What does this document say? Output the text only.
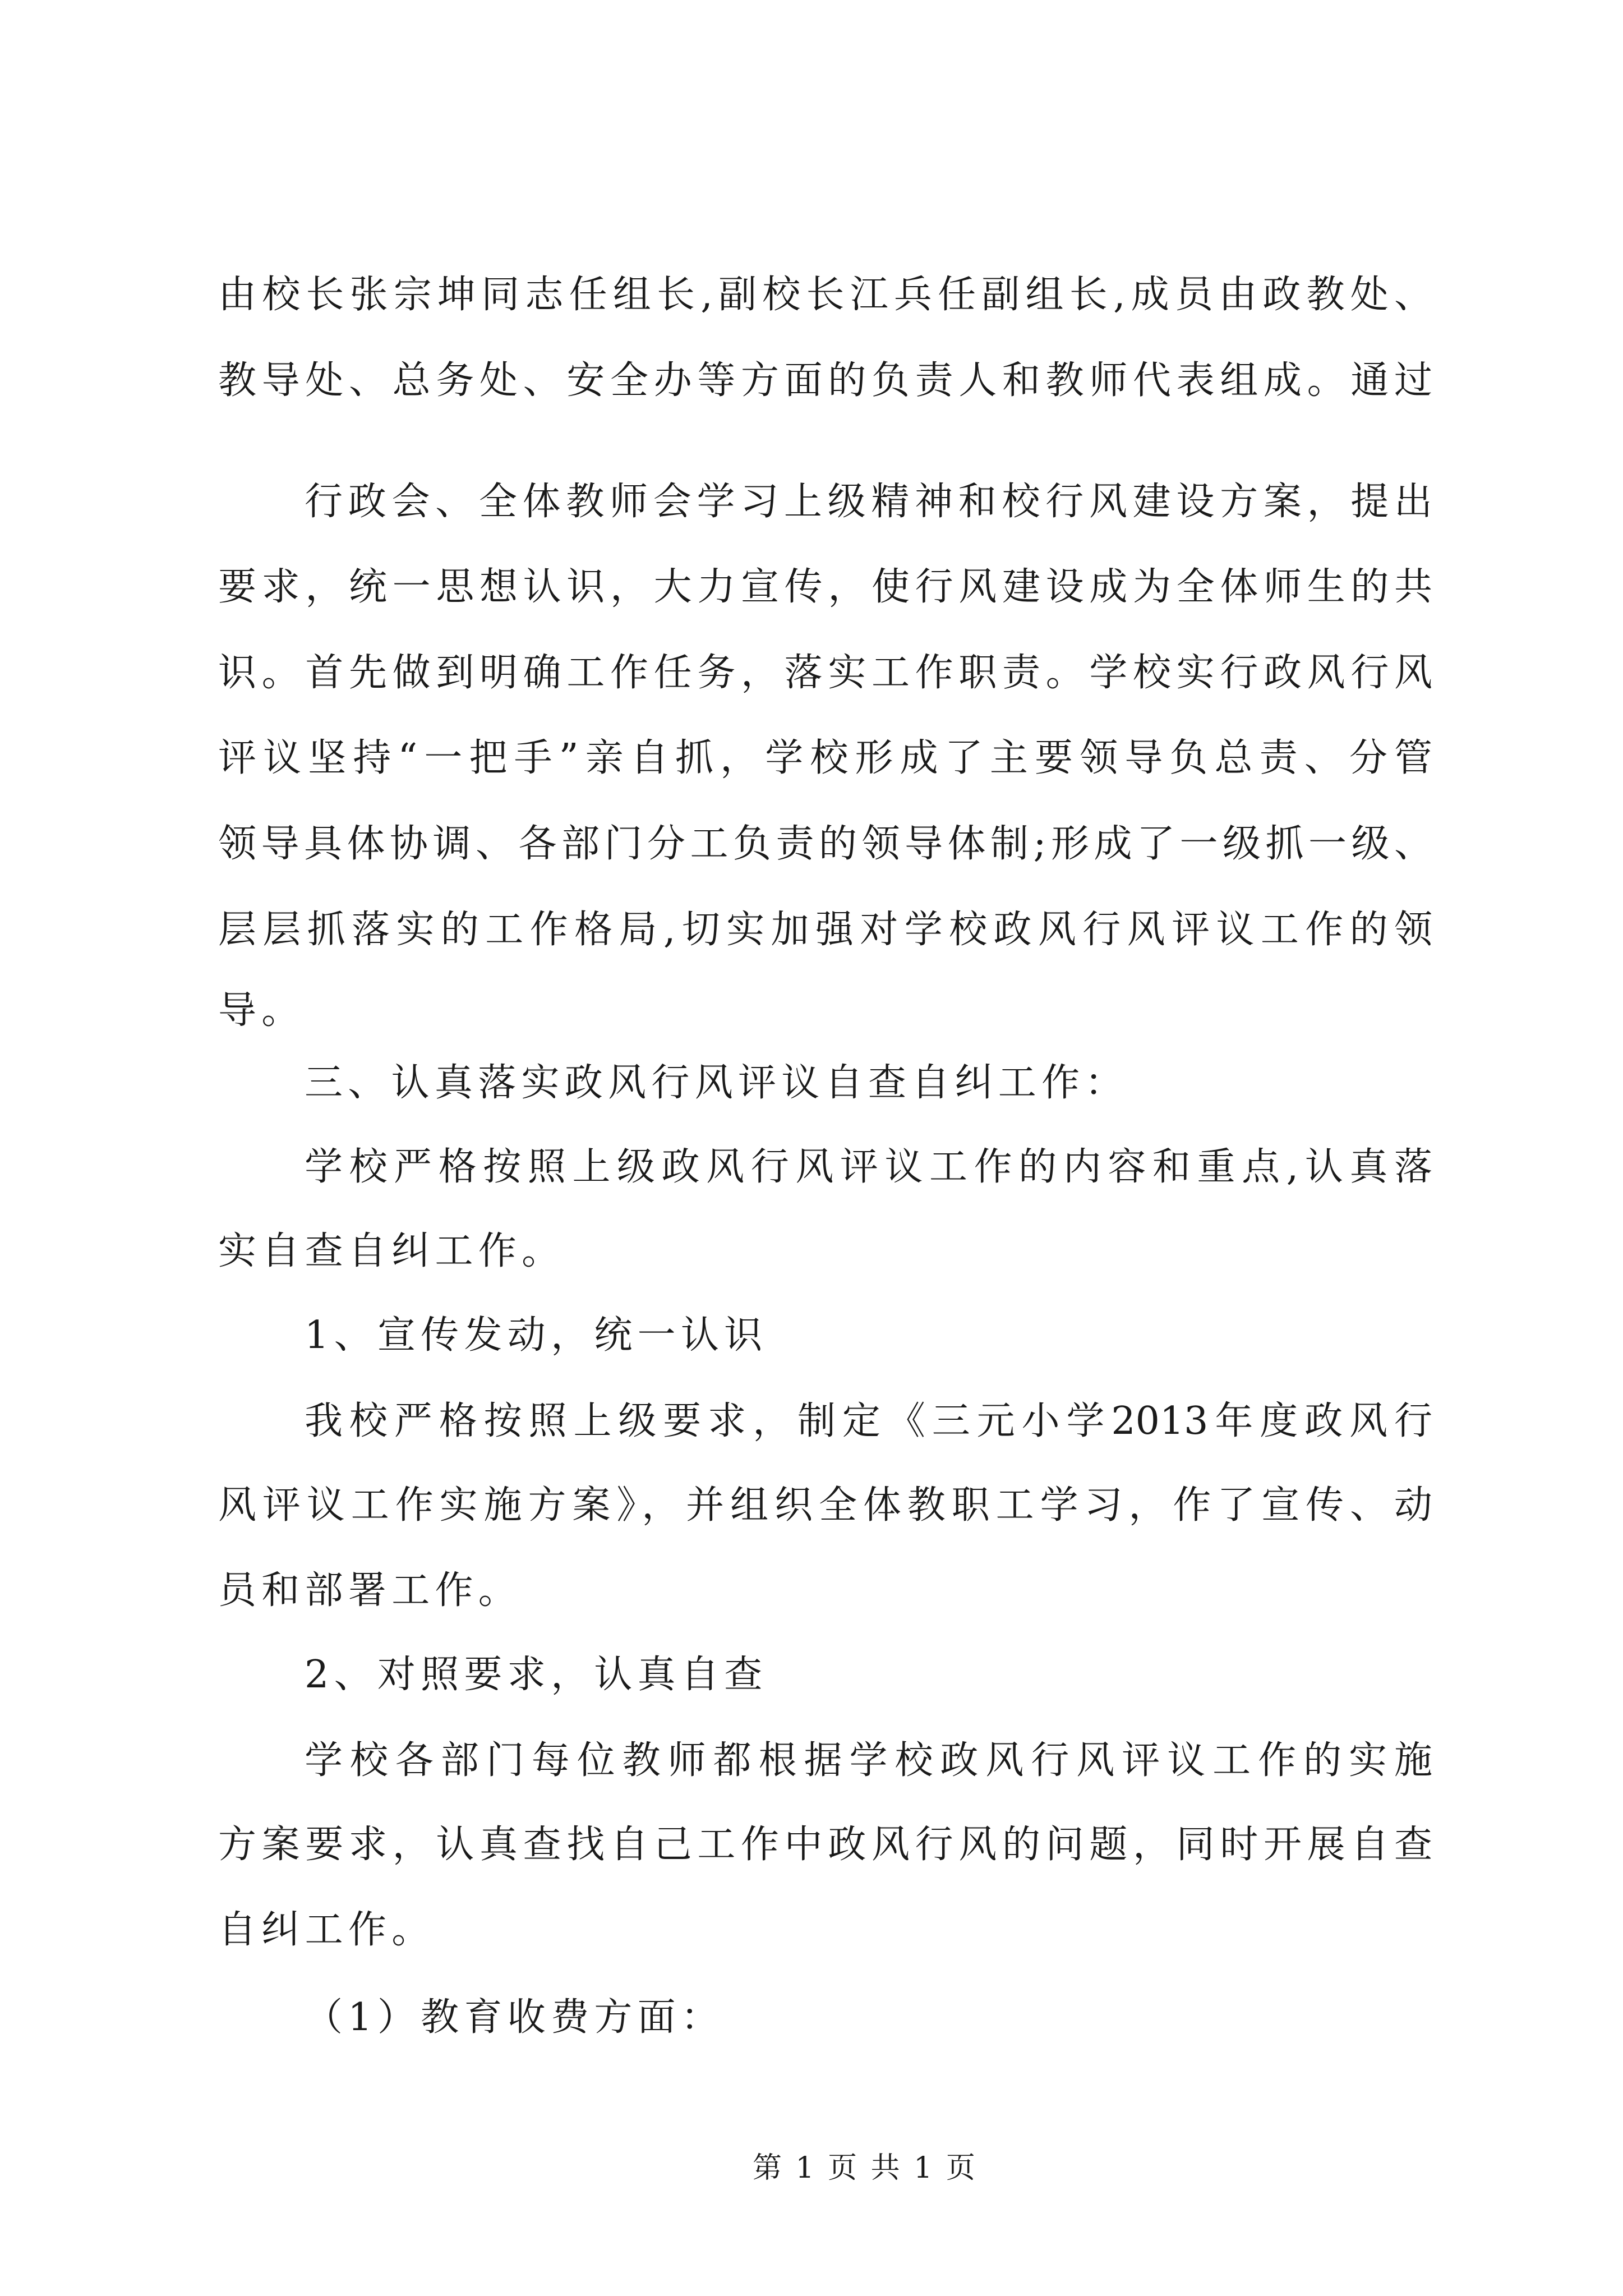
由校长张宗坤同志任组长,副校长江兵任副组长,成员由政教处、
教导处、总务处、安全办等方面的负责人和教师代表组成。通过
行政会、全体教师会学习上级精神和校行风建设方案，提出
要求，统一思想认识，大力宣传，使行风建设成为全体师生的共
识。首先做到明确工作任务，落实工作职责。学校实行政风行风
评议坚持“一把手”亲自抓，学校形成了主要领导负总责、分管
领导具体协调、各部门分工负责的领导体制;形成了一级抓一级、
层层抓落实的工作格局,切实加强对学校政风行风评议工作的领
导。
三、认真落实政风行风评议自查自纠工作：
学校严格按照上级政风行风评议工作的内容和重点,认真落
实自查自纠工作。
1、宣传发动，统一认识
我校严格按照上级要求，制定《三元小学2013年度政风行
风评议工作实施方案》，并组织全体教职工学习，作了宣传、动
员和部署工作。
2、对照要求，认真自查
学校各部门每位教师都根据学校政风行风评议工作的实施
方案要求，认真查找自己工作中政风行风的问题，同时开展自查
自纠工作。
（1）教育收费方面：
第 1 页 共 1 页
